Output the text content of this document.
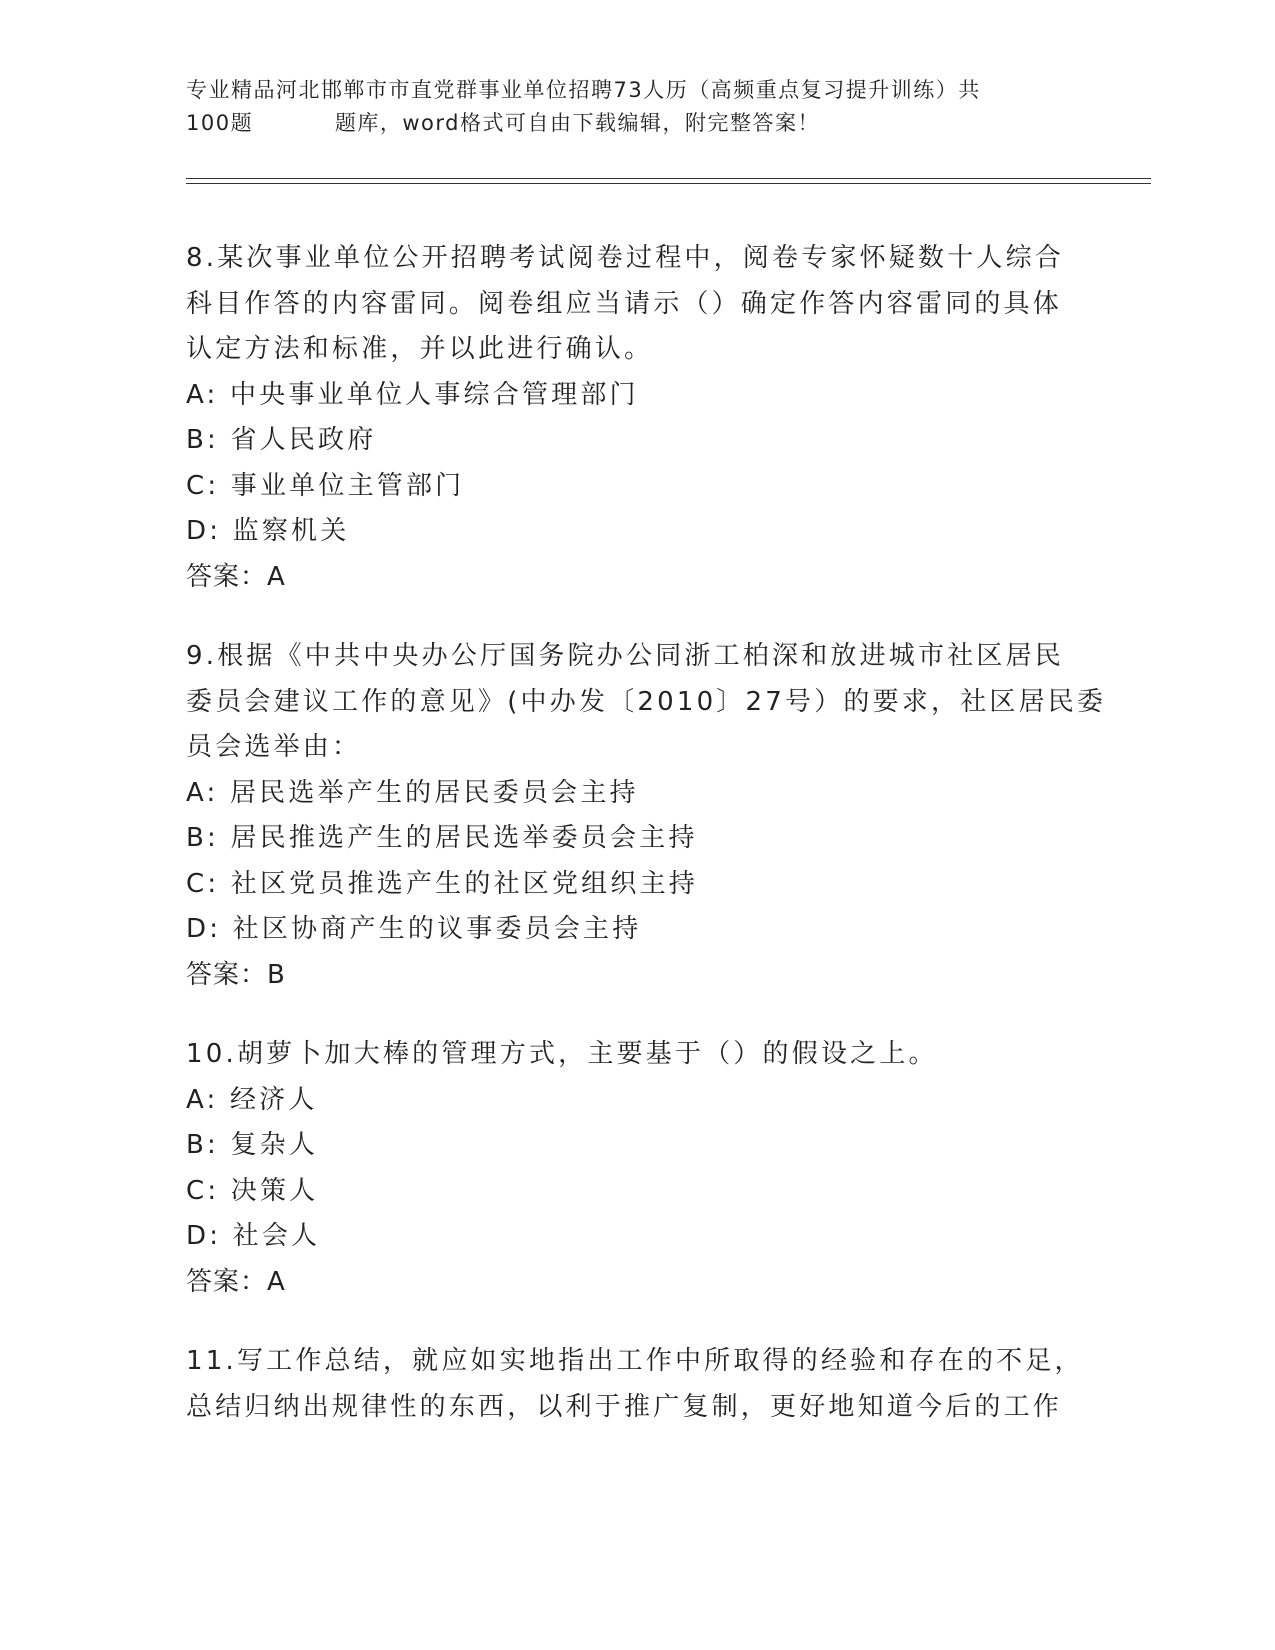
专业精品河北邯郸市市直党群事业单位招聘73人历（高频重点复习提升训练）共
100题          题库，word格式可自由下载编辑，附完整答案！
8.某次事业单位公开招聘考试阅卷过程中，阅卷专家怀疑数十人综合
科目作答的内容雷同。阅卷组应当请示（）确定作答内容雷同的具体
认定方法和标准，并以此进行确认。
A: 中央事业单位人事综合管理部门
B: 省人民政府
C: 事业单位主管部门
D: 监察机关
答案：A
9.根据《中共中央办公厅国务院办公同浙工柏深和放进城市社区居民
委员会建议工作的意见》(中办发〔2010〕27号）的要求，社区居民委
员会选举由：
A: 居民选举产生的居民委员会主持
B: 居民推选产生的居民选举委员会主持
C: 社区党员推选产生的社区党组织主持
D: 社区协商产生的议事委员会主持
答案：B
10.胡萝卜加大棒的管理方式，主要基于（）的假设之上。
A: 经济人
B: 复杂人
C: 决策人
D: 社会人
答案：A
11.写工作总结，就应如实地指出工作中所取得的经验和存在的不足，
总结归纳出规律性的东西，以利于推广复制，更好地知道今后的工作
